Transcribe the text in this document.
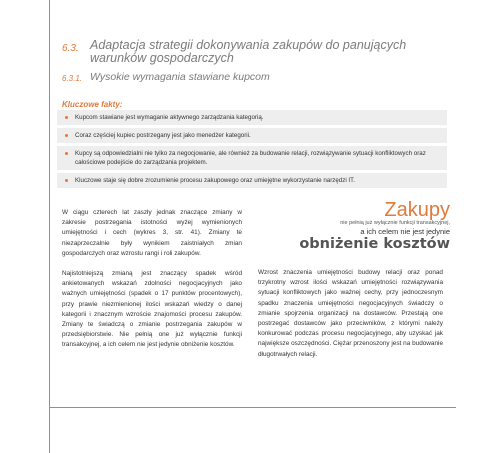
6.3. Adaptacja strategii dokonywania zakupów do panujących warunków gospodarczych
6.3.1. Wysokie wymagania stawiane kupcom
Kluczowe fakty:
Kupcom stawiane jest wymaganie aktywnego zarządzania kategorią.
Coraz częściej kupiec postrzegany jest jako menedżer kategorii.
Kupcy są odpowiedzialni nie tylko za negocjowanie, ale również za budowanie relacji, rozwiązywanie sytuacji konfliktowych oraz całościowe podejście do zarządzania projektem.
Kluczowe staje się dobre zrozumienie procesu zakupowego oraz umiejętne wykorzystanie narzędzi IT.
Zakupy
nie pełnią już wyłącznie funkcji transakcyjnej,
a ich celem nie jest jedynie
obniżenie kosztów

W ciągu czterech lat zaszły jednak znaczące zmiany w zakresie postrzegania istotności wyżej wymienionych umiejętności i cech (wykres 3, str. 41). Zmiany te niezaprzeczalnie były wynikiem zaistniałych zmian gospodarczych oraz wzrostu rangi i roli zakupów.

Najistotniejszą zmianą jest znaczący spadek wśród ankietowanych wskazań zdolności negocjacyjnych jako ważnych umiejętności (spadek o 17 punktów procentowych), przy prawie niezmienionej ilości wskazań wiedzy o danej kategorii i znacznym wzroście znajomości procesu zakupów. Zmiany te świadczą o zmianie postrzegania zakupów w przedsiębiorstwie. Nie pełnią one już wyłącznie funkcji transakcyjnej, a ich celem nie jest jedynie obniżenie kosztów.

Wzrost znaczenia umiejętności budowy relacji oraz ponad trzykrotny wzrost ilości wskazań umiejętności rozwiązywania sytuacji konfliktowych jako ważnej cechy, przy jednoczesnym spadku znaczenia umiejętności negocjacyjnych świadczy o zmianie spojrzenia organizacji na dostawców. Przestają one postrzegać dostawców jako przeciwników, z którymi należy konkurować podczas procesu negocjacyjnego, aby uzyskać jak największe oszczędności. Ciężar przenoszony jest na budowanie długotrwałych relacji.
